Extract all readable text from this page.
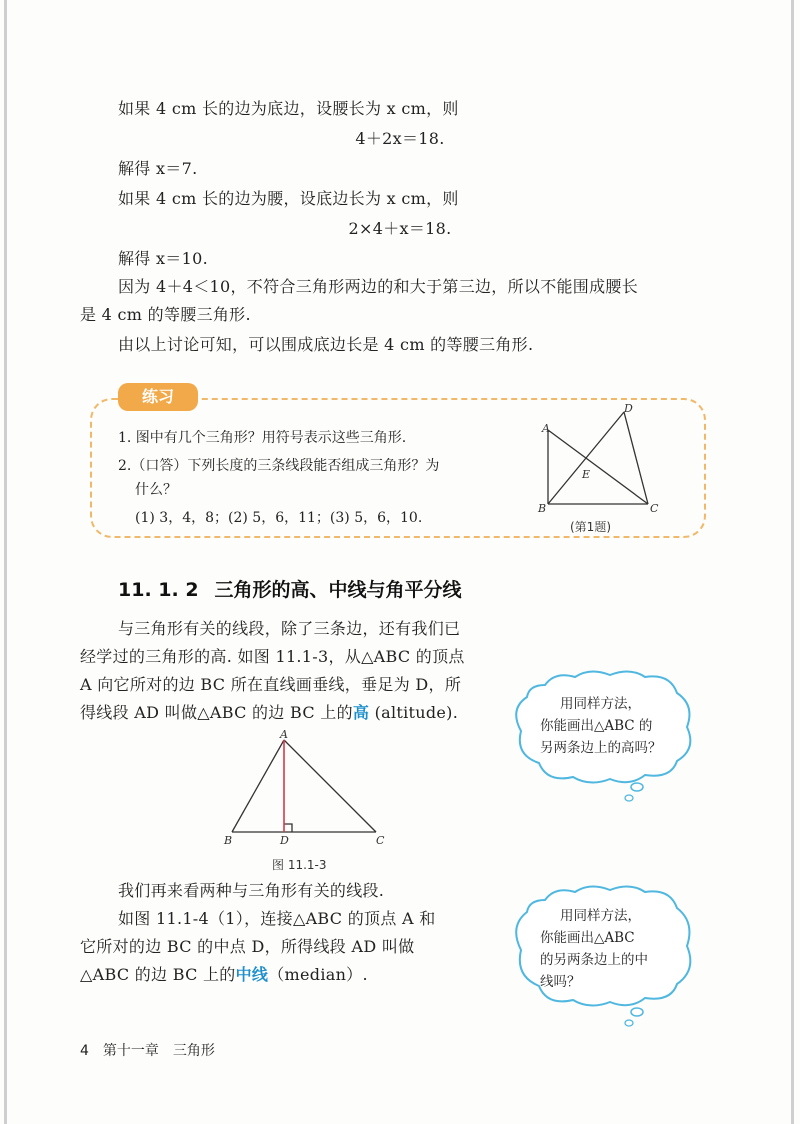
如果 4 cm 长的边为底边，设腰长为 x cm，则
4＋2x＝18.
解得 x＝7.
如果 4 cm 长的边为腰，设底边长为 x cm，则
2×4＋x＝18.
解得 x＝10.
因为 4＋4＜10，不符合三角形两边的和大于第三边，所以不能围成腰长
是 4 cm 的等腰三角形.
由以上讨论可知，可以围成底边长是 4 cm 的等腰三角形.
练习
1. 图中有几个三角形？用符号表示这些三角形.
2.（口答）下列长度的三条线段能否组成三角形？为
什么？
(1) 3，4，8；(2) 5，6，11；(3) 5，6，10.
A
B	C
D
E
(第1题)
11. 1. 2 三角形的高、中线与角平分线
与三角形有关的线段，除了三条边，还有我们已
经学过的三角形的高. 如图 11.1-3，从△ABC 的顶点
A 向它所对的边 BC 所在直线画垂线，垂足为 D，所
得线段 AD 叫做△ABC 的边 BC 上的高 (altitude).
A
B	C
D
图 11.1-3
我们再来看两种与三角形有关的线段.
如图 11.1-4（1），连接△ABC 的顶点 A 和
它所对的边 BC 的中点 D，所得线段 AD 叫做
△ABC 的边 BC 上的中线（median）.
用同样方法，
你能画出△ABC 的
另两条边上的高吗？
用同样方法，
你能画出△ABC
的另两条边上的中
线吗？
4 第十一章 三角形
